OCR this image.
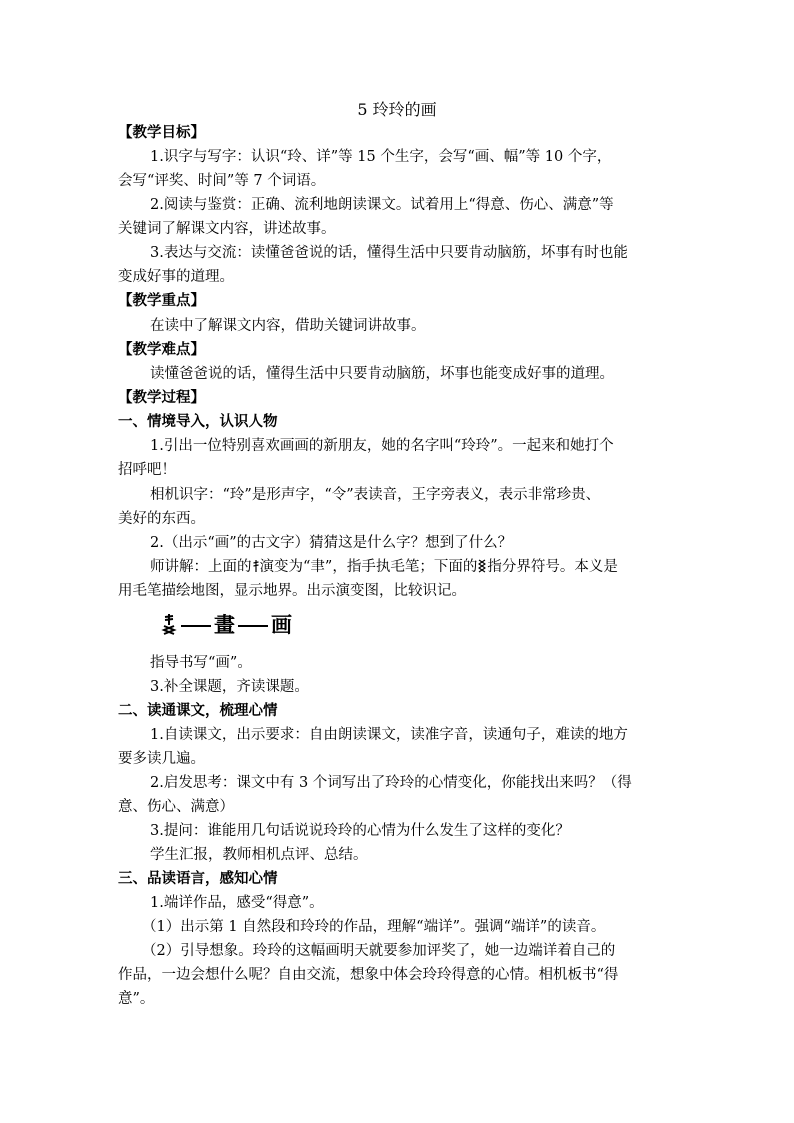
5 玲玲的画
【教学目标】
1.识字与写字：认识“玲、详”等 15 个生字，会写“画、幅”等 10 个字，
会写“评奖、时间”等 7 个词语。
2.阅读与鉴赏：正确、流利地朗读课文。试着用上“得意、伤心、满意”等
关键词了解课文内容，讲述故事。
3.表达与交流：读懂爸爸说的话，懂得生活中只要肯动脑筋，坏事有时也能
变成好事的道理。
【教学重点】
在读中了解课文内容，借助关键词讲故事。
【教学难点】
读懂爸爸说的话，懂得生活中只要肯动脑筋，坏事也能变成好事的道理。
【教学过程】
一、情境导入，认识人物
1.引出一位特别喜欢画画的新朋友，她的名字叫“玲玲”。一起来和她打个
招呼吧！
相机识字：“玲”是形声字，“令”表读音，王字旁表义，表示非常珍贵、
美好的东西。
2.（出示“画”的古文字）猜猜这是什么字？想到了什么？
师讲解：上面的 演变为“聿”，指手执毛笔；下面的 指分界符号。本义是
用毛笔描绘地图，显示地界。出示演变图，比较识记。
畫 画
指导书写“画”。
3.补全课题，齐读课题。
二、读通课文，梳理心情
1.自读课文，出示要求：自由朗读课文，读准字音，读通句子，难读的地方
要多读几遍。
2.启发思考：课文中有 3 个词写出了玲玲的心情变化，你能找出来吗？（得
意、伤心、满意）
3.提问：谁能用几句话说说玲玲的心情为什么发生了这样的变化？
学生汇报，教师相机点评、总结。
三、品读语言，感知心情
1.端详作品，感受“得意”。
（1）出示第 1 自然段和玲玲的作品，理解“端详”。强调“端详”的读音。
（2）引导想象。玲玲的这幅画明天就要参加评奖了，她一边端详着自己的
作品，一边会想什么呢？自由交流，想象中体会玲玲得意的心情。相机板书“得
意”。
